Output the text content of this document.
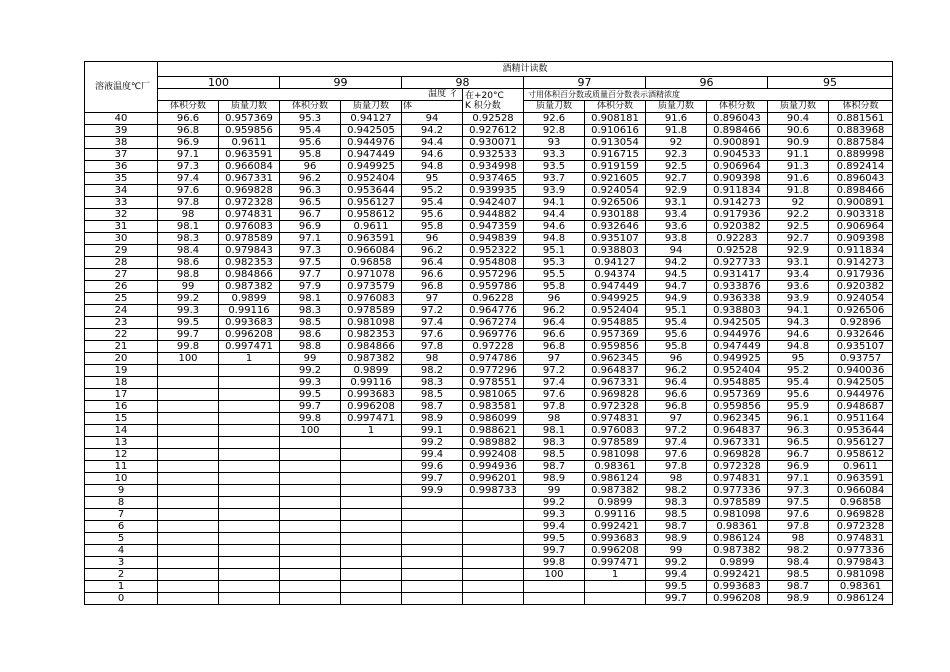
溶液温度℃厂	酒精计读数												
	100		99		98		97		96		95		
	温度 彳					在+20°C
K 积分数	寸用体积百分数或质量百分数表示酒精浓度						
	体积分数	质量刀数	体积分数	质量刀数	体		质量刀数	体积分数	质量刀数	体积分数	质量刀数	体积分数	
40	96.6	0.957369	95.3	0.94127	94	0.92528	92.6	0.908181	91.6	0.896043	90.4	0.881561	
39	96.8	0.959856	95.4	0.942505	94.2	0.927612	92.8	0.910616	91.8	0.898466	90.6	0.883968	
38	96.9	0.9611	95.6	0.944976	94.4	0.930071	93	0.913054	92	0.900891	90.9	0.887584	
37	97.1	0.963591	95.8	0.947449	94.6	0.932533	93.3	0.916715	92.3	0.904533	91.1	0.889998	
36	97.3	0.966084	96	0.949925	94.8	0.934998	93.5	0.919159	92.5	0.906964	91.3	0.892414	
35	97.4	0.967331	96.2	0.952404	95	0.937465	93.7	0.921605	92.7	0.909398	91.6	0.896043	
34	97.6	0.969828	96.3	0.953644	95.2	0.939935	93.9	0.924054	92.9	0.911834	91.8	0.898466	
33	97.8	0.972328	96.5	0.956127	95.4	0.942407	94.1	0.926506	93.1	0.914273	92	0.900891	
32	98	0.974831	96.7	0.958612	95.6	0.944882	94.4	0.930188	93.4	0.917936	92.2	0.903318	
31	98.1	0.976083	96.9	0.9611	95.8	0.947359	94.6	0.932646	93.6	0.920382	92.5	0.906964	
30	98.3	0.978589	97.1	0.963591	96	0.949839	94.8	0.935107	93.8	0.92283	92.7	0.909398	
29	98.4	0.979843	97.3	0.966084	96.2	0.952322	95.1	0.938803	94	0.92528	92.9	0.911834	
28	98.6	0.982353	97.5	0.96858	96.4	0.954808	95.3	0.94127	94.2	0.927733	93.1	0.914273	
27	98.8	0.984866	97.7	0.971078	96.6	0.957296	95.5	0.94374	94.5	0.931417	93.4	0.917936	
26	99	0.987382	97.9	0.973579	96.8	0.959786	95.8	0.947449	94.7	0.933876	93.6	0.920382	
25	99.2	0.9899	98.1	0.976083	97	0.96228	96	0.949925	94.9	0.936338	93.9	0.924054	
24	99.3	0.99116	98.3	0.978589	97.2	0.964776	96.2	0.952404	95.1	0.938803	94.1	0.926506	
23	99.5	0.993683	98.5	0.981098	97.4	0.967274	96.4	0.954885	95.4	0.942505	94.3	0.92896	
22	99.7	0.996208	98.6	0.982353	97.6	0.969776	96.6	0.957369	95.6	0.944976	94.6	0.932646	
21	99.8	0.997471	98.8	0.984866	97.8	0.97228	96.8	0.959856	95.8	0.947449	94.8	0.935107	
20	100	1	99	0.987382	98	0.974786	97	0.962345	96	0.949925	95	0.93757	
19			99.2	0.9899	98.2	0.977296	97.2	0.964837	96.2	0.952404	95.2	0.940036	
18			99.3	0.99116	98.3	0.978551	97.4	0.967331	96.4	0.954885	95.4	0.942505	
17			99.5	0.993683	98.5	0.981065	97.6	0.969828	96.6	0.957369	95.6	0.944976	
16			99.7	0.996208	98.7	0.983581	97.8	0.972328	96.8	0.959856	95.9	0.948687	
15			99.8	0.997471	98.9	0.986099	98	0.974831	97	0.962345	96.1	0.951164	
14			100	1	99.1	0.988621	98.1	0.976083	97.2	0.964837	96.3	0.953644	
13					99.2	0.989882	98.3	0.978589	97.4	0.967331	96.5	0.956127	
12					99.4	0.992408	98.5	0.981098	97.6	0.969828	96.7	0.958612	
11					99.6	0.994936	98.7	0.98361	97.8	0.972328	96.9	0.9611	
10					99.7	0.996201	98.9	0.986124	98	0.974831	97.1	0.963591	
9					99.9	0.998733	99	0.987382	98.2	0.977336	97.3	0.966084	
8							99.2	0.9899	98.3	0.978589	97.5	0.96858	
7							99.3	0.99116	98.5	0.981098	97.6	0.969828	
6							99.4	0.992421	98.7	0.98361	97.8	0.972328	
5							99.5	0.993683	98.9	0.986124	98	0.974831	
4							99.7	0.996208	99	0.987382	98.2	0.977336	
3							99.8	0.997471	99.2	0.9899	98.4	0.979843	
2							100	1	99.4	0.992421	98.5	0.981098	
1									99.5	0.993683	98.7	0.98361	
0									99.7	0.996208	98.9	0.986124	
